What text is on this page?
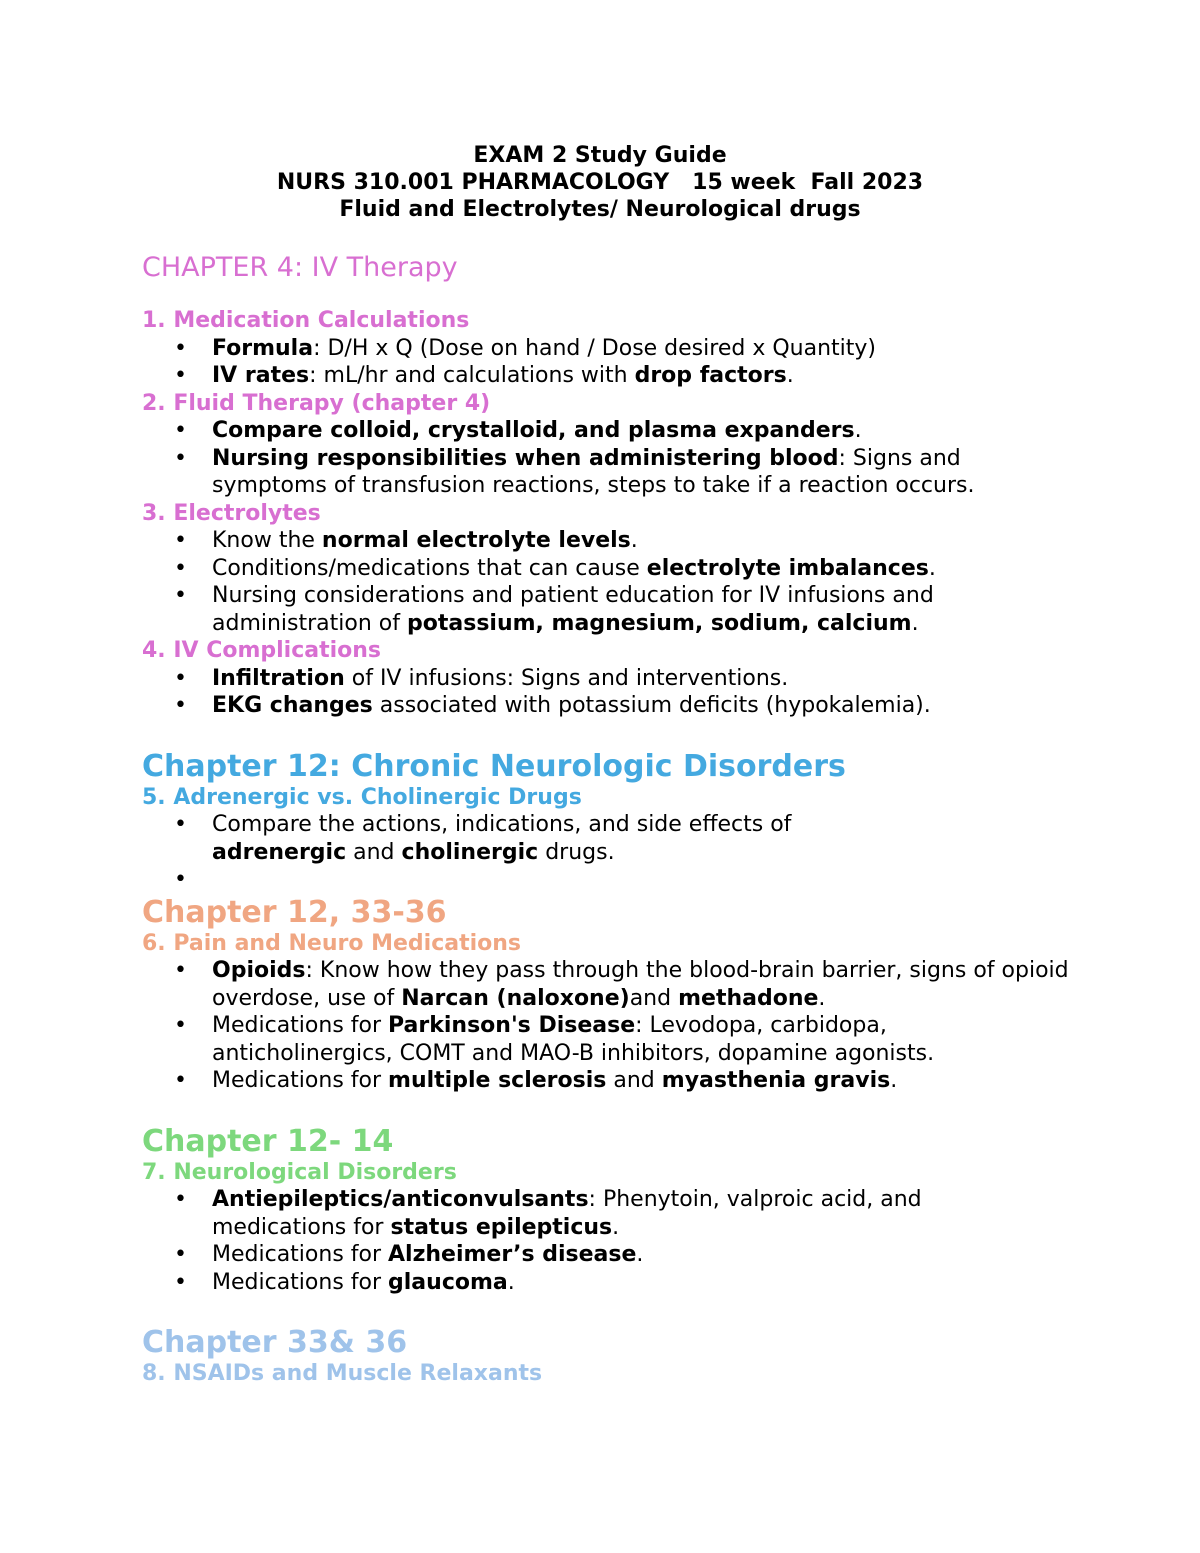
EXAM 2 Study Guide
NURS 310.001 PHARMACOLOGY   15 week  Fall 2023
Fluid and Electrolytes/ Neurological drugs
CHAPTER 4: IV Therapy
1. Medication Calculations
• Formula: D/H x Q (Dose on hand / Dose desired x Quantity)
• IV rates: mL/hr and calculations with drop factors.
2. Fluid Therapy (chapter 4)
• Compare colloid, crystalloid, and plasma expanders.
• Nursing responsibilities when administering blood: Signs and symptoms of transfusion reactions, steps to take if a reaction occurs.
3. Electrolytes
• Know the normal electrolyte levels.
• Conditions/medications that can cause electrolyte imbalances.
• Nursing considerations and patient education for IV infusions and administration of potassium, magnesium, sodium, calcium.
4. IV Complications
• Infiltration of IV infusions: Signs and interventions.
• EKG changes associated with potassium deficits (hypokalemia).
Chapter 12: Chronic Neurologic Disorders
5. Adrenergic vs. Cholinergic Drugs
• Compare the actions, indications, and side effects of adrenergic and cholinergic drugs.
•
Chapter 12, 33-36
6. Pain and Neuro Medications
• Opioids: Know how they pass through the blood-brain barrier, signs of opioid overdose, use of Narcan (naloxone)and methadone.
• Medications for Parkinson's Disease: Levodopa, carbidopa, anticholinergics, COMT and MAO-B inhibitors, dopamine agonists.
• Medications for multiple sclerosis and myasthenia gravis.
Chapter 12- 14
7. Neurological Disorders
• Antiepileptics/anticonvulsants: Phenytoin, valproic acid, and medications for status epilepticus.
• Medications for Alzheimer’s disease.
• Medications for glaucoma.
Chapter 33& 36
8. NSAIDs and Muscle Relaxants
